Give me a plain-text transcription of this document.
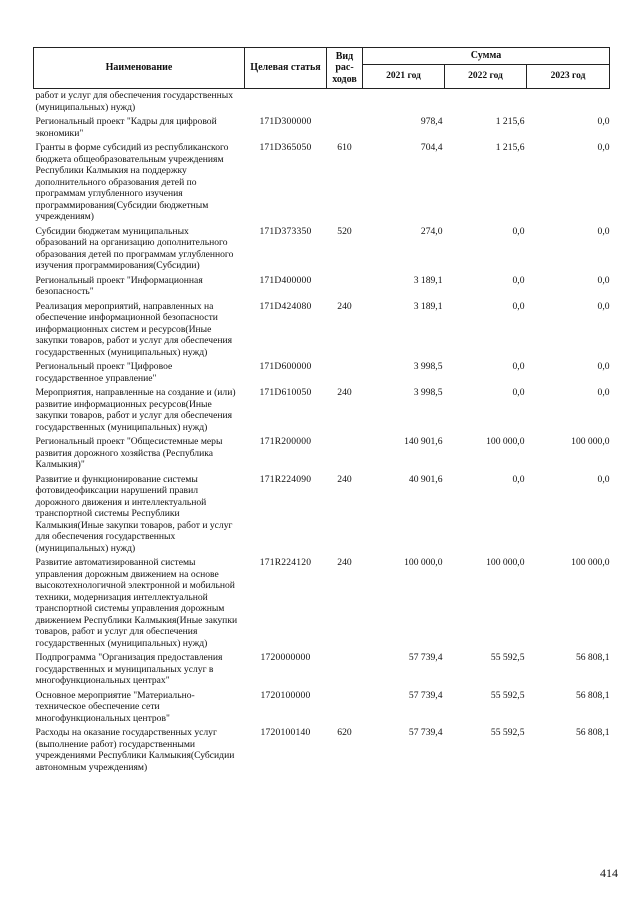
Наименование	Целевая статья	Вид рас-ходов	Сумма		
			2021 год	2022 год	2023 год
работ и услуг для обеспечения государственных (муниципальных) нужд)					
Региональный проект "Кадры для цифровой экономики"	171D300000		978,4	1 215,6	0,0
Гранты в форме субсидий из республиканского бюджета общеобразовательным учреждениям Республики Калмыкия на поддержку дополнительного образования детей по программам углубленного изучения программирования(Субсидии бюджетным учреждениям)	171D365050	610	704,4	1 215,6	0,0
Субсидии бюджетам муниципальных образований на организацию дополнительного образования детей по программам углубленного изучения программирования(Субсидии)	171D373350	520	274,0	0,0	0,0
Региональный проект "Информационная безопасность"	171D400000		3 189,1	0,0	0,0
Реализация мероприятий, направленных на обеспечение информационной безопасности информационных систем и ресурсов(Иные закупки товаров, работ и услуг для обеспечения государственных (муниципальных) нужд)	171D424080	240	3 189,1	0,0	0,0
Региональный проект "Цифровое государственное управление"	171D600000		3 998,5	0,0	0,0
Мероприятия, направленные на создание и (или) развитие информационных ресурсов(Иные закупки товаров, работ и услуг для обеспечения государственных (муниципальных) нужд)	171D610050	240	3 998,5	0,0	0,0
Региональный проект "Общесистемные меры развития дорожного хозяйства (Республика Калмыкия)"	171R200000		140 901,6	100 000,0	100 000,0
Развитие и функционирование системы фотовидеофиксации нарушений правил дорожного движения и интеллектуальной транспортной системы Республики Калмыкия(Иные закупки товаров, работ и услуг для обеспечения государственных (муниципальных) нужд)	171R224090	240	40 901,6	0,0	0,0
Развитие автоматизированной системы управления дорожным движением на основе высокотехнологичной электронной и мобильной техники, модернизация интеллектуальной транспортной системы управления дорожным движением Республики Калмыкия(Иные закупки товаров, работ и услуг для обеспечения государственных (муниципальных) нужд)	171R224120	240	100 000,0	100 000,0	100 000,0
Подпрограмма "Организация предоставления государственных и муниципальных услуг в многофункциональных центрах"	1720000000		57 739,4	55 592,5	56 808,1
Основное мероприятие "Материально-техническое обеспечение сети многофункциональных центров"	1720100000		57 739,4	55 592,5	56 808,1
Расходы на оказание государственных услуг (выполнение работ) государственными учреждениями Республики Калмыкия(Субсидии автономным учреждениям)	1720100140	620	57 739,4	55 592,5	56 808,1
414
